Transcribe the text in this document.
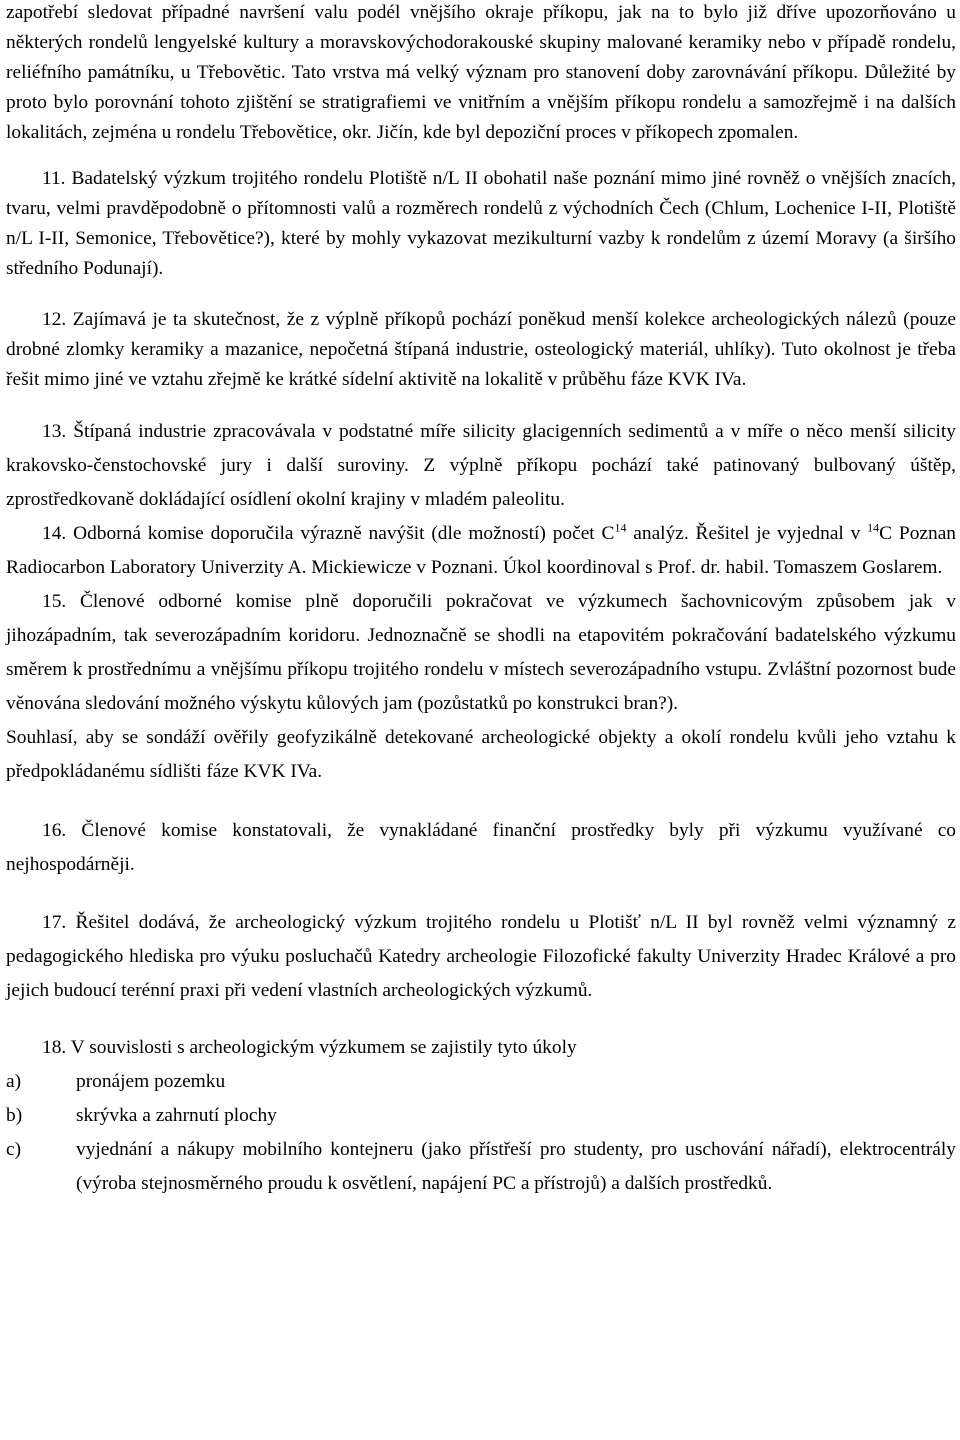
zapotřebí sledovat případné navršení valu podél vnějšího okraje příkopu, jak na to bylo již dříve upozorňováno u některých rondelů lengyelské kultury a moravskovýchodorakouské skupiny malované keramiky nebo v případě rondelu, reliéfního památníku, u Třebovětic. Tato vrstva má velký význam pro stanovení doby zarovnávání příkopu. Důležité by proto bylo porovnání tohoto zjištění se stratigrafiemi ve vnitřním a vnějším příkopu rondelu a samozřejmě i na dalších lokalitách, zejména u rondelu Třebovětice, okr. Jičín, kde byl depoziční proces v příkopech zpomalen.

11. Badatelský výzkum trojitého rondelu Plotiště n/L II obohatil naše poznání mimo jiné rovněž o vnějších znacích, tvaru, velmi pravděpodobně o přítomnosti valů a rozměrech rondelů z východních Čech (Chlum, Lochenice I-II, Plotiště n/L I-II, Semonice, Třebovětice?), které by mohly vykazovat mezikulturní vazby k rondelům z území Moravy (a širšího středního Podunají).

12. Zajímavá je ta skutečnost, že z výplně příkopů pochází poněkud menší kolekce archeologických nálezů (pouze drobné zlomky keramiky a mazanice, nepočetná štípaná industrie, osteologický materiál, uhlíky). Tuto okolnost je třeba řešit mimo jiné ve vztahu zřejmě ke krátké sídelní aktivitě na lokalitě v průběhu fáze KVK IVa.

13. Štípaná industrie zpracovávala v podstatné míře silicity glacigenních sedimentů a v míře o něco menší silicity krakovsko-čenstochovské jury i další suroviny. Z výplně příkopu pochází také patinovaný bulbovaný úštěp, zprostředkovaně dokládající osídlení okolní krajiny v mladém paleolitu.

14. Odborná komise doporučila výrazně navýšit (dle možností) počet $C^{14}$ analýz. Řešitel je vyjednal v $^{14}$C Poznan Radiocarbon Laboratory Univerzity A. Mickiewicze v Poznani. Úkol koordinoval s Prof. dr. habil. Tomaszem Goslarem.

15. Členové odborné komise plně doporučili pokračovat ve výzkumech šachovnicovým způsobem jak v jihozápadním, tak severozápadním koridoru. Jednoznačně se shodli na etapovitém pokračování badatelského výzkumu směrem k prostřednímu a vnějšímu příkopu trojitého rondelu v místech severozápadního vstupu. Zvláštní pozornost bude věnována sledování možného výskytu kůlových jam (pozůstatků po konstrukci bran?).

Souhlasí, aby se sondáží ověřily geofyzikálně detekované archeologické objekty a okolí rondelu kvůli jeho vztahu k předpokládanému sídlišti fáze KVK IVa.

16. Členové komise konstatovali, že vynakládané finanční prostředky byly při výzkumu využívané co nejhospodárněji.

17. Řešitel dodává, že archeologický výzkum trojitého rondelu u Plotišť n/L II byl rovněž velmi významný z pedagogického hlediska pro výuku posluchačů Katedry archeologie Filozofické fakulty Univerzity Hradec Králové a pro jejich budoucí terénní praxi při vedení vlastních archeologických výzkumů.

18. V souvislosti s archeologickým výzkumem se zajistily tyto úkoly

a)	pronájem pozemku
b)	skrývka a zahrnutí plochy
c)	vyjednání a nákupy mobilního kontejneru (jako přístřeší pro studenty, pro uschování nářadí), elektrocentrály (výroba stejnosměrného proudu k osvětlení, napájení PC a přístrojů) a dalších prostředků.
